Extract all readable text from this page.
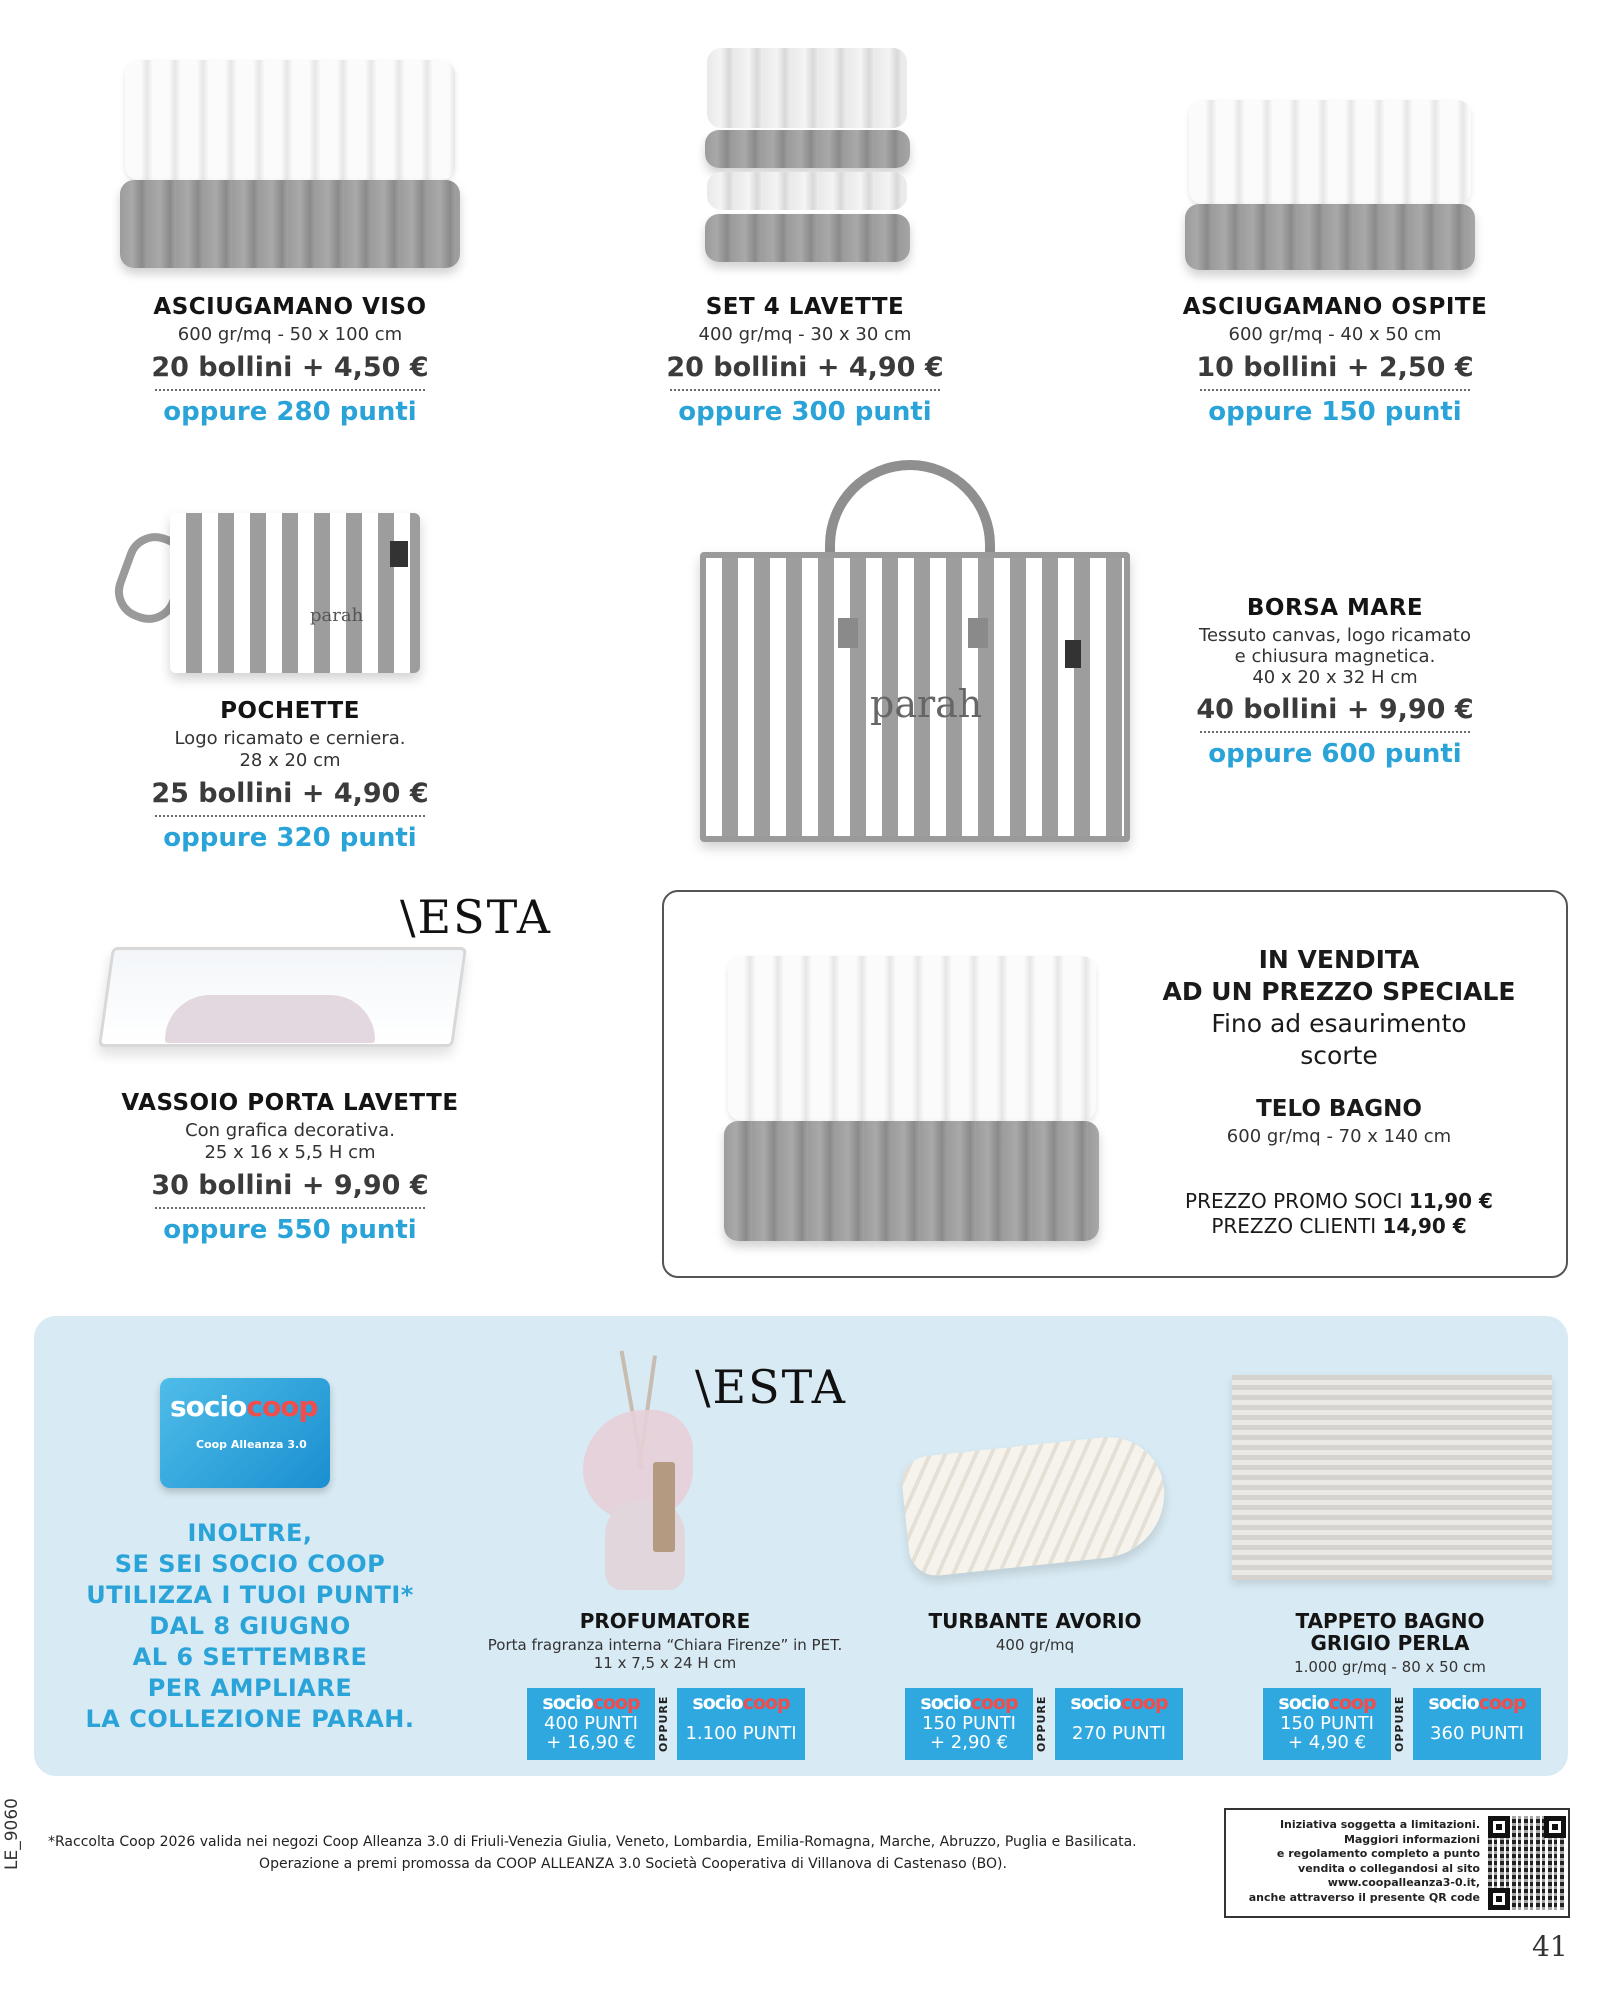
ASCIUGAMANO VISO
600 gr/mq - 50 x 100 cm
20 bollini + 4,50 €
oppure 280 punti
SET 4 LAVETTE
400 gr/mq - 30 x 30 cm
20 bollini + 4,90 €
oppure 300 punti
ASCIUGAMANO OSPITE
600 gr/mq - 40 x 50 cm
10 bollini + 2,50 €
oppure 150 punti
parah
POCHETTE
Logo ricamato e cerniera.
28 x 20 cm
25 bollini + 4,90 €
oppure 320 punti
parah
BORSA MARE
Tessuto canvas, logo ricamato
e chiusura magnetica.
40 x 20 x 32 H cm
40 bollini + 9,90 €
oppure 600 punti
\ESTA
VASSOIO PORTA LAVETTE
Con grafica decorativa.
25 x 16 x 5,5 H cm
30 bollini + 9,90 €
oppure 550 punti
IN VENDITA
AD UN PREZZO SPECIALE
Fino ad esaurimento
scorte
TELO BAGNO
600 gr/mq - 70 x 140 cm
PREZZO PROMO SOCI 11,90 €
PREZZO CLIENTI 14,90 €
sociocoop
Coop Alleanza 3.0
INOLTRE,
SE SEI SOCIO COOP
UTILIZZA I TUOI PUNTI*
DAL 8 GIUGNO
AL 6 SETTEMBRE
PER AMPLIARE
LA COLLEZIONE PARAH.
\ESTA
PROFUMATORE
Porta fragranza interna “Chiara Firenze” in PET.
11 x 7,5 x 24 H cm
TURBANTE AVORIO
400 gr/mq
TAPPETO BAGNO
GRIGIO PERLA
1.000 gr/mq - 80 x 50 cm
sociocoop
400 PUNTI
+ 16,90 €	OPPURE	sociocoop
1.100 PUNTI
sociocoop
150 PUNTI
+ 2,90 €	OPPURE	sociocoop
270 PUNTI
sociocoop
150 PUNTI
+ 4,90 €	OPPURE	sociocoop
360 PUNTI
LE_9060 *Raccolta Coop 2026 valida nei negozi Coop Alleanza 3.0 di Friuli-Venezia Giulia, Veneto, Lombardia, Emilia-Romagna, Marche, Abruzzo, Puglia e Basilicata.
Operazione a premi promossa da COOP ALLEANZA 3.0 Società Cooperativa di Villanova di Castenaso (BO).
Iniziativa soggetta a limitazioni.
Maggiori informazioni
e regolamento completo a punto
vendita o collegandosi al sito
www.coopalleanza3-0.it,
anche attraverso il presente QR code
41
